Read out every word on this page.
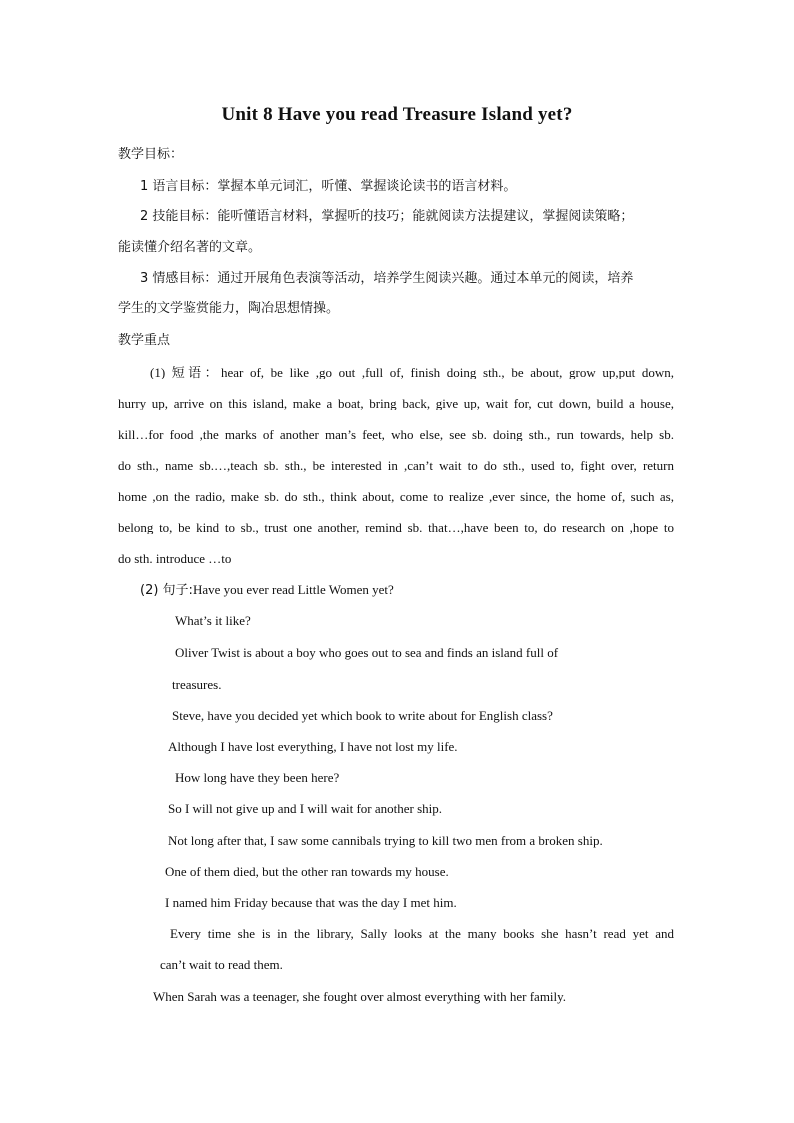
Unit 8 Have you read Treasure Island yet?
教学目标：
1 语言目标：掌握本单元词汇，听懂、掌握谈论读书的语言材料。
2 技能目标：能听懂语言材料，掌握听的技巧；能就阅读方法提建议，掌握阅读策略；
能读懂介绍名著的文章。
3 情感目标：通过开展角色表演等活动，培养学生阅读兴趣。通过本单元的阅读，培养
学生的文学鉴赏能力，陶冶思想情操。
教学重点
(1) 短语：hear of, be like ,go out ,full of, finish doing sth., be about, grow up,put down,
hurry up, arrive on this island, make a boat, bring back, give up, wait for, cut down, build a house,
kill…for food ,the marks of another man’s feet, who else, see sb. doing sth., run towards, help sb.
do sth., name sb.…,teach sb. sth., be interested in ,can’t wait to do sth., used to, fight over, return
home ,on the radio, make sb. do sth., think about, come to realize ,ever since, the home of, such as,
belong to, be kind to sb., trust one another, remind sb. that…,have been to, do research on ,hope to
do sth. introduce …to
(2) 句子:Have you ever read Little Women yet?
What’s it like?
Oliver Twist is about a boy who goes out to sea and finds an island full of
treasures.
Steve, have you decided yet which book to write about for English class?
Although I have lost everything, I have not lost my life.
How long have they been here?
So I will not give up and I will wait for another ship.
Not long after that, I saw some cannibals trying to kill two men from a broken ship.
One of them died, but the other ran towards my house.
I named him Friday because that was the day I met him.
Every time she is in the library, Sally looks at the many books she hasn’t read yet and
can’t wait to read them.
When Sarah was a teenager, she fought over almost everything with her family.
